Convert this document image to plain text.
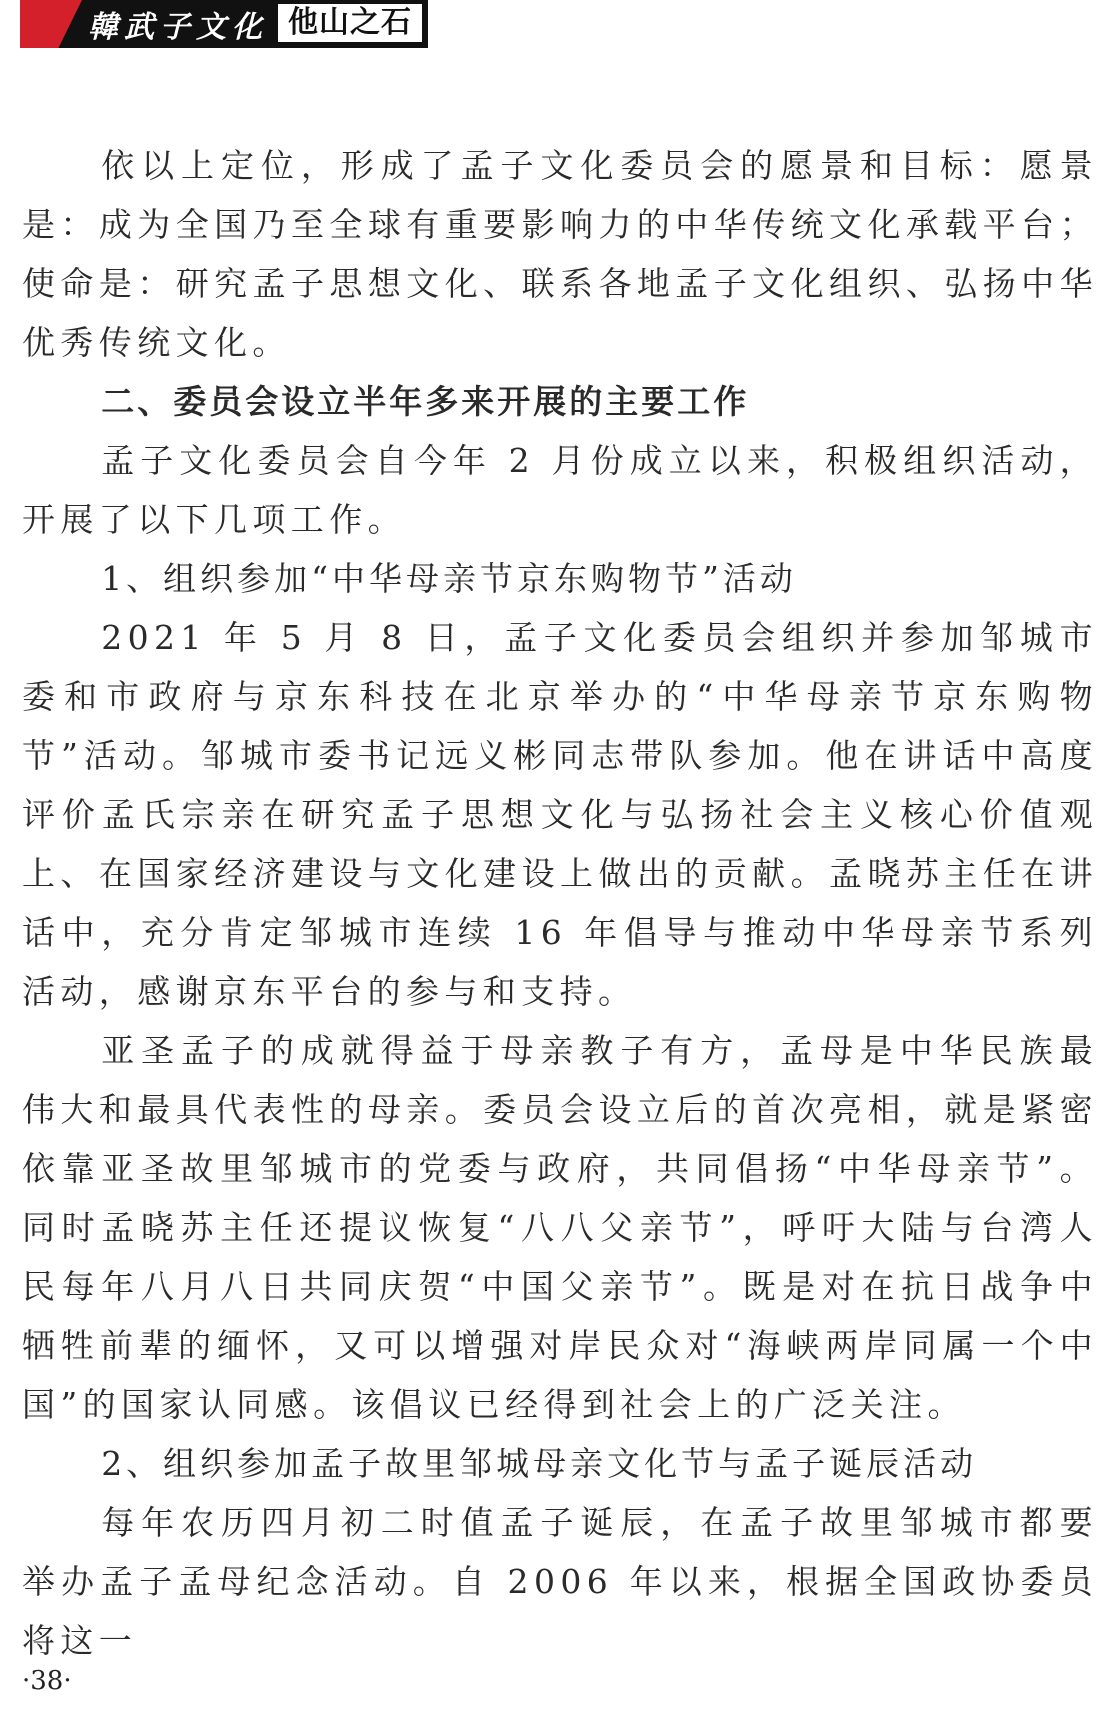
韓武子文化 他山之石

依以上定位，形成了孟子文化委员会的愿景和目标：愿景是：成为全国乃至全球有重要影响力的中华传统文化承载平台；使命是：研究孟子思想文化、联系各地孟子文化组织、弘扬中华优秀传统文化。

二、委员会设立半年多来开展的主要工作

孟子文化委员会自今年 2 月份成立以来，积极组织活动，开展了以下几项工作。

1、组织参加“中华母亲节京东购物节”活动

2021 年 5 月 8 日，孟子文化委员会组织并参加邹城市委和市政府与京东科技在北京举办的“中华母亲节京东购物节”活动。邹城市委书记远义彬同志带队参加。他在讲话中高度评价孟氏宗亲在研究孟子思想文化与弘扬社会主义核心价值观上、在国家经济建设与文化建设上做出的贡献。孟晓苏主任在讲话中，充分肯定邹城市连续 16 年倡导与推动中华母亲节系列活动，感谢京东平台的参与和支持。

亚圣孟子的成就得益于母亲教子有方，孟母是中华民族最伟大和最具代表性的母亲。委员会设立后的首次亮相，就是紧密依靠亚圣故里邹城市的党委与政府，共同倡扬“中华母亲节”。同时孟晓苏主任还提议恢复“八八父亲节”，呼吁大陆与台湾人民每年八月八日共同庆贺“中国父亲节”。既是对在抗日战争中牺牲前辈的缅怀，又可以增强对岸民众对“海峡两岸同属一个中国”的国家认同感。该倡议已经得到社会上的广泛关注。

2、组织参加孟子故里邹城母亲文化节与孟子诞辰活动

每年农历四月初二时值孟子诞辰，在孟子故里邹城市都要举办孟子孟母纪念活动。自 2006 年以来，根据全国政协委员将这一

·38·
